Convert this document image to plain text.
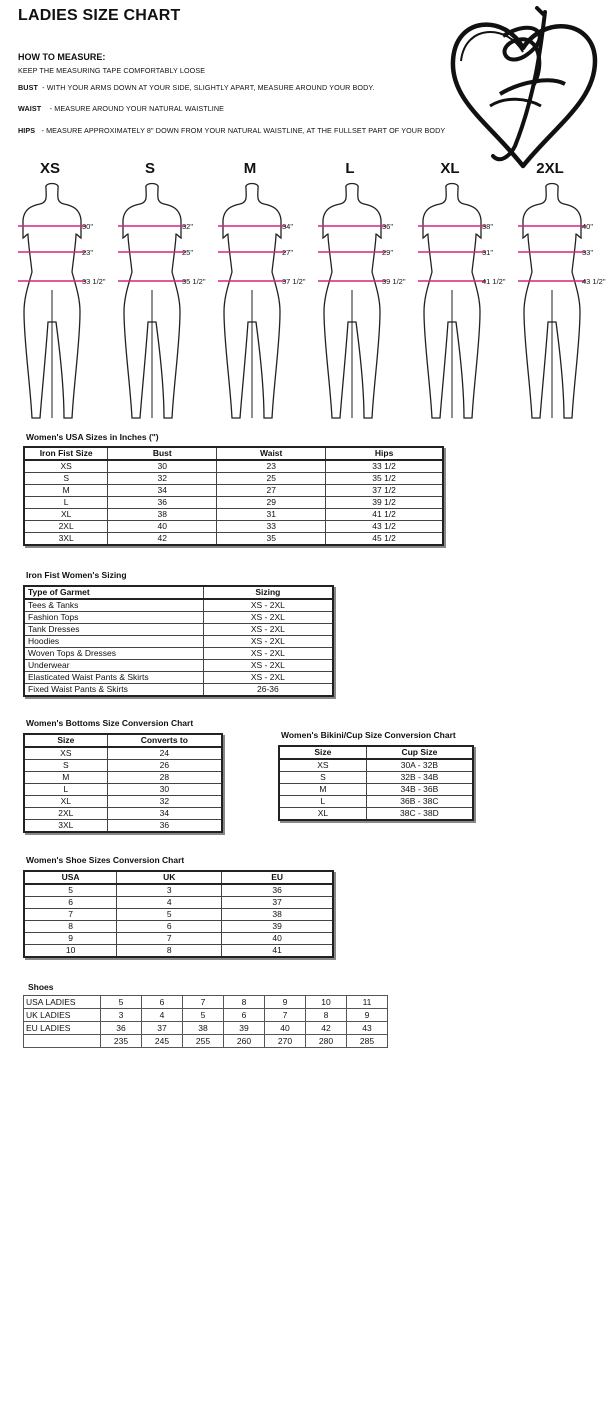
LADIES SIZE CHART
HOW TO MEASURE:
KEEP THE MEASURING TAPE COMFORTABLY LOOSE
BUST - WITH YOUR ARMS DOWN AT YOUR SIDE, SLIGHTLY APART, MEASURE AROUND YOUR BODY.
WAIST - MEASURE AROUND YOUR NATURAL WAISTLINE
HIPS - MEASURE APPROXIMATELY 8" DOWN FROM YOUR NATURAL WAISTLINE, AT THE FULLSET PART OF YOUR BODY
XS
30"
23"
33 1/2"
S
32"
25"
35 1/2"
M
34"
27"
37 1/2"
L
36"
29"
39 1/2"
XL
38"
31"
41 1/2"
2XL
40"
33"
43 1/2"
Women's USA Sizes in Inches (")
Iron Fist Size	Bust	Waist	Hips
XS	30	23	33 1/2
S	32	25	35 1/2
M	34	27	37 1/2
L	36	29	39 1/2
XL	38	31	41 1/2
2XL	40	33	43 1/2
3XL	42	35	45 1/2
Iron Fist Women's Sizing
Type of Garmet	Sizing
Tees & Tanks	XS - 2XL
Fashion Tops	XS - 2XL
Tank Dresses	XS - 2XL
Hoodies	XS - 2XL
Woven Tops & Dresses	XS - 2XL
Underwear	XS - 2XL
Elasticated Waist Pants & Skirts	XS - 2XL
Fixed Waist Pants & Skirts	26-36
Women's Bottoms Size Conversion Chart
Size	Converts to
XS	24
S	26
M	28
L	30
XL	32
2XL	34
3XL	36
Women's Bikini/Cup Size Conversion Chart
Size	Cup Size
XS	30A - 32B
S	32B - 34B
M	34B - 36B
L	36B - 38C
XL	38C - 38D
Women's Shoe Sizes Conversion Chart
USA	UK	EU
5	3	36
6	4	37
7	5	38
8	6	39
9	7	40
10	8	41
Shoes
USA LADIES	5	6	7	8	9	10	11
UK LADIES	3	4	5	6	7	8	9
EU LADIES	36	37	38	39	40	42	43
	235	245	255	260	270	280	285
